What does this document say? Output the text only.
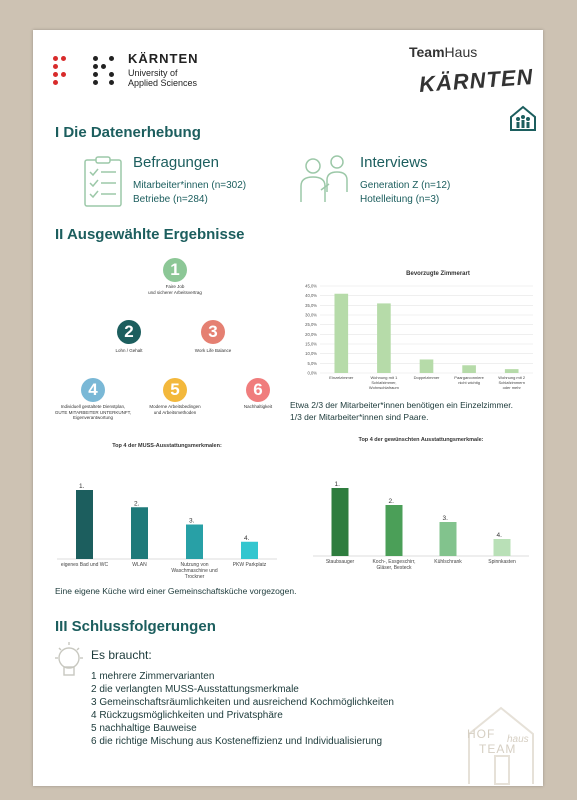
KÄRNTEN
University of
Applied Sciences
TeamHaus
KÄRNTEN
I Die Datenerhebung
Befragungen
Mitarbeiter*innen (n=302)
Betriebe (n=284)
Interviews
Generation Z (n=12)
Hotelleitung (n=3)
II Ausgewählte Ergebnisse
1
Faire Job
und sicherer Arbeitsvertrag
2
Lohn / Gehalt
3
Work Life Balance
4
Individuell gestaltete Dienstplan,
GUTE MITARBEITER UNTERKUNFT,
Eigenverantwortung
5
Moderne Arbeitsbedingen
und Arbeitsmethoden
6
Nachhaltigkeit
Bevorzugte Zimmerart
0,0%
5,0%
10,0%
15,0%
20,0%
25,0%
30,0%
35,0%
40,0%
45,0%
Einzelzimmer	Wohnung mit 1 Schlafzimmer, Wohnschlafraum
Doppelzimmer	Paargarconniere nicht wichtig
Wohnung mit 2 Schlafzimmern oder mehr
Etwa 2/3 der Mitarbeiter*innen benötigen ein Einzelzimmer.
1/3 der Mitarbeiter*innen sind Paare.
Top 4 der MUSS-Ausstattungsmerkmalen:
1.
eigenes Bad und WC
2.
WLAN
3.
Nutzung von Waschmaschine und Trockner
4.
PKW Parkplatz
Top 4 der gewünschten Ausstattungsmerkmale:
1.
Staubsauger
2.
Koch-, Essgeschirr, Gläser, Besteck
3.
Kühlschrank
4.
Spinnkasten
Eine eigene Küche wird einer Gemeinschaftsküche vorgezogen.
III Schlussfolgerungen
Es braucht:
1 mehrere Zimmervarianten
2 die verlangten MUSS-Ausstattungsmerkmale
3 Gemeinschaftsräumlichkeiten und ausreichend Kochmöglichkeiten
4 Rückzugsmöglichkeiten und Privatsphäre
5 nachhaltige Bauweise
6 die richtige Mischung aus Kosteneffizienz und Individualisierung
HOF
TEAM
haus
